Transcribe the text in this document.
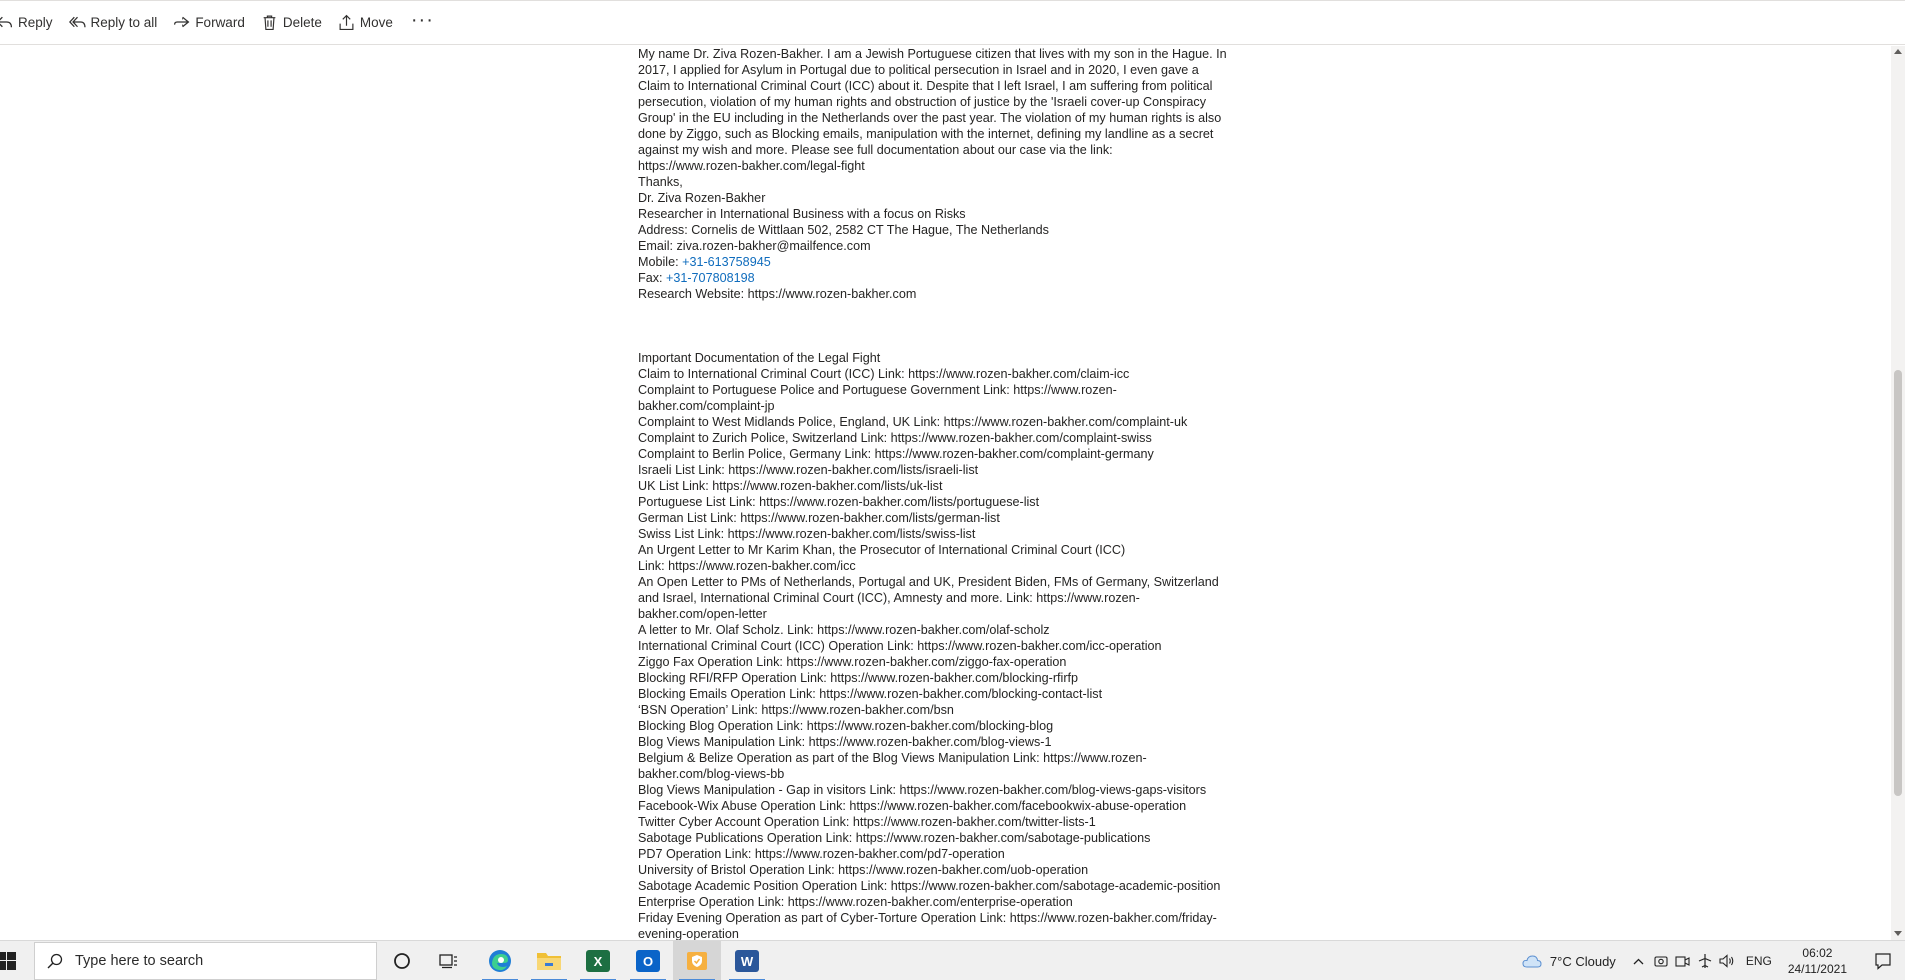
Reply	Reply to all	Forward	Delete	Move ···
My name Dr. Ziva Rozen-Bakher. I am a Jewish Portuguese citizen that lives with my son in the Hague. In
2017, I applied for Asylum in Portugal due to political persecution in Israel and in 2020, I even gave a
Claim to International Criminal Court (ICC) about it. Despite that I left Israel, I am suffering from political
persecution, violation of my human rights and obstruction of justice by the 'Israeli cover-up Conspiracy
Group' in the EU including in the Netherlands over the past year. The violation of my human rights is also
done by Ziggo, such as Blocking emails, manipulation with the internet, defining my landline as a secret
against my wish and more. Please see full documentation about our case via the link:
https://www.rozen-bakher.com/legal-fight
Thanks,
Dr. Ziva Rozen-Bakher
Researcher in International Business with a focus on Risks
Address: Cornelis de Wittlaan 502, 2582 CT The Hague, The Netherlands
Email: ziva.rozen-bakher@mailfence.com
Mobile: +31-613758945
Fax: +31-707808198
Research Website: https://www.rozen-bakher.com
Important Documentation of the Legal Fight
Claim to International Criminal Court (ICC) Link: https://www.rozen-bakher.com/claim-icc
Complaint to Portuguese Police and Portuguese Government Link: https://www.rozen-
bakher.com/complaint-jp
Complaint to West Midlands Police, England, UK Link: https://www.rozen-bakher.com/complaint-uk
Complaint to Zurich Police, Switzerland Link: https://www.rozen-bakher.com/complaint-swiss
Complaint to Berlin Police, Germany Link: https://www.rozen-bakher.com/complaint-germany
Israeli List Link: https://www.rozen-bakher.com/lists/israeli-list
UK List Link: https://www.rozen-bakher.com/lists/uk-list
Portuguese List Link: https://www.rozen-bakher.com/lists/portuguese-list
German List Link: https://www.rozen-bakher.com/lists/german-list
Swiss List Link: https://www.rozen-bakher.com/lists/swiss-list
An Urgent Letter to Mr Karim Khan, the Prosecutor of International Criminal Court (ICC)
Link: https://www.rozen-bakher.com/icc
An Open Letter to PMs of Netherlands, Portugal and UK, President Biden, FMs of Germany, Switzerland
and Israel, International Criminal Court (ICC), Amnesty and more. Link: https://www.rozen-
bakher.com/open-letter
A letter to Mr. Olaf Scholz. Link: https://www.rozen-bakher.com/olaf-scholz
International Criminal Court (ICC) Operation Link: https://www.rozen-bakher.com/icc-operation
Ziggo Fax Operation Link: https://www.rozen-bakher.com/ziggo-fax-operation
Blocking RFI/RFP Operation Link: https://www.rozen-bakher.com/blocking-rfirfp
Blocking Emails Operation Link: https://www.rozen-bakher.com/blocking-contact-list
‘BSN Operation’ Link: https://www.rozen-bakher.com/bsn
Blocking Blog Operation Link: https://www.rozen-bakher.com/blocking-blog
Blog Views Manipulation Link: https://www.rozen-bakher.com/blog-views-1
Belgium & Belize Operation as part of the Blog Views Manipulation Link: https://www.rozen-
bakher.com/blog-views-bb
Blog Views Manipulation - Gap in visitors Link: https://www.rozen-bakher.com/blog-views-gaps-visitors
Facebook-Wix Abuse Operation Link: https://www.rozen-bakher.com/facebookwix-abuse-operation
Twitter Cyber Account Operation Link: https://www.rozen-bakher.com/twitter-lists-1
Sabotage Publications Operation Link: https://www.rozen-bakher.com/sabotage-publications
PD7 Operation Link: https://www.rozen-bakher.com/pd7-operation
University of Bristol Operation Link: https://www.rozen-bakher.com/uob-operation
Sabotage Academic Position Operation Link: https://www.rozen-bakher.com/sabotage-academic-position
Enterprise Operation Link: https://www.rozen-bakher.com/enterprise-operation
Friday Evening Operation as part of Cyber-Torture Operation Link: https://www.rozen-bakher.com/friday-
evening-operation
Type here to search
X	O	W	7°C
Cloudy	ENG
06:02
24/11/2021
